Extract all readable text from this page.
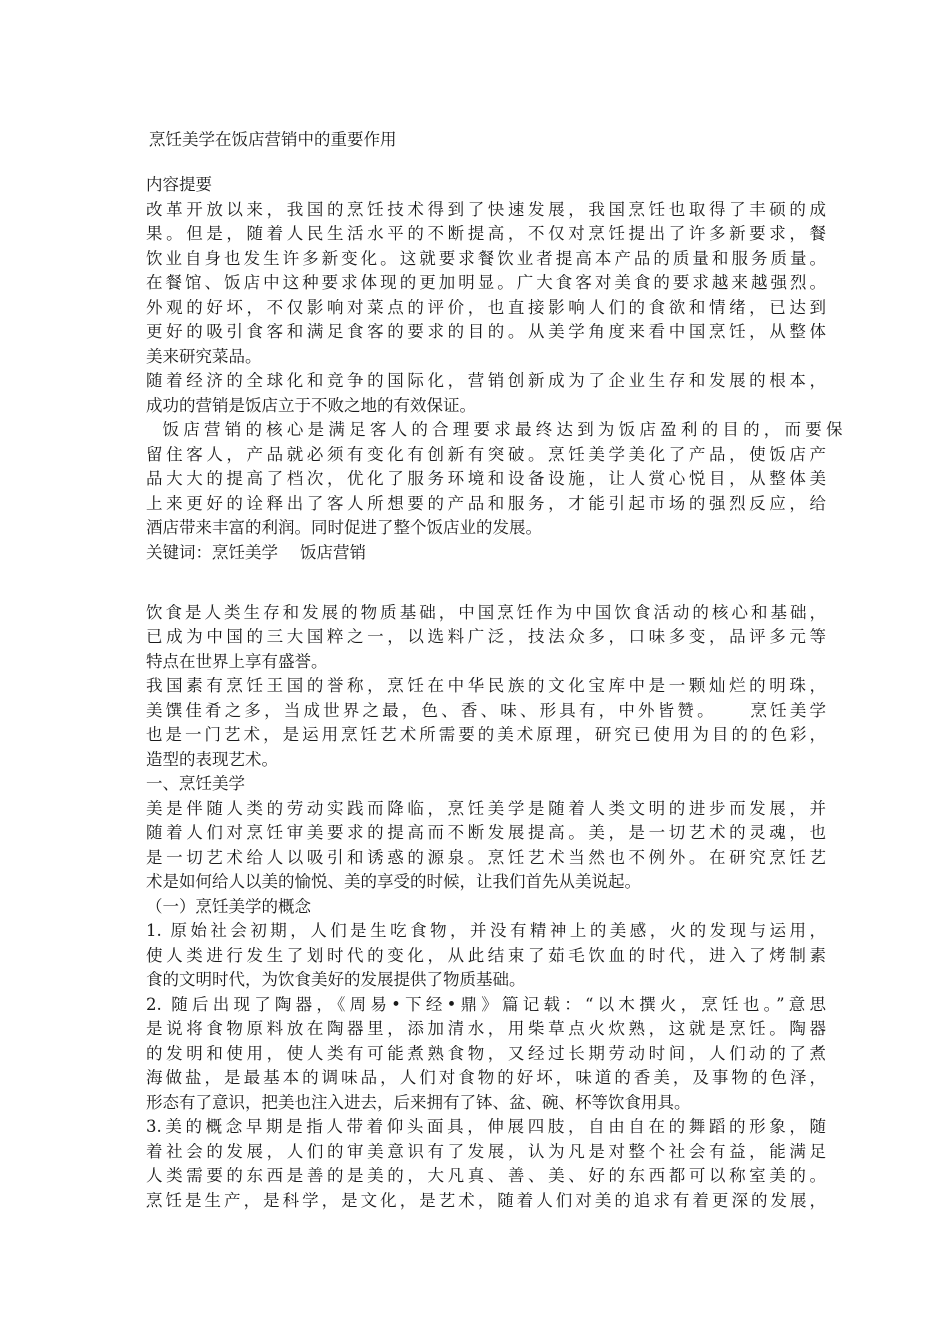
烹饪美学在饭店营销中的重要作用
内容提要

改革开放以来，我国的烹饪技术得到了快速发展，我国烹饪也取得了丰硕的成
果。但是，随着人民生活水平的不断提高，不仅对烹饪提出了许多新要求，餐
饮业自身也发生许多新变化。这就要求餐饮业者提高本产品的质量和服务质量。
在餐馆、饭店中这种要求体现的更加明显。广大食客对美食的要求越来越强烈。
外观的好坏，不仅影响对菜点的评价，也直接影响人们的食欲和情绪，已达到
更好的吸引食客和满足食客的要求的目的。从美学角度来看中国烹饪，从整体
美来研究菜品。

随着经济的全球化和竞争的国际化，营销创新成为了企业生存和发展的根本，
成功的营销是饭店立于不败之地的有效保证。

饭店营销的核心是满足客人的合理要求最终达到为饭店盈利的目的，而要保
留住客人，产品就必须有变化有创新有突破。烹饪美学美化了产品，使饭店产
品大大的提高了档次，优化了服务环境和设备设施，让人赏心悦目，从整体美
上来更好的诠释出了客人所想要的产品和服务，才能引起市场的强烈反应，给
酒店带来丰富的利润。同时促进了整个饭店业的发展。

关键词：烹饪美学 饭店营销

饮食是人类生存和发展的物质基础，中国烹饪作为中国饮食活动的核心和基础，
已成为中国的三大国粹之一，以选料广泛，技法众多，口味多变，品评多元等
特点在世界上享有盛誉。

我国素有烹饪王国的誉称，烹饪在中华民族的文化宝库中是一颗灿烂的明珠，
美馔佳肴之多，当成世界之最，色、香、味、形具有，中外皆赞。    烹饪美学
也是一门艺术，是运用烹饪艺术所需要的美术原理，研究已使用为目的的色彩，
造型的表现艺术。

一、烹饪美学

美是伴随人类的劳动实践而降临，烹饪美学是随着人类文明的进步而发展，并
随着人们对烹饪审美要求的提高而不断发展提高。美，是一切艺术的灵魂，也
是一切艺术给人以吸引和诱惑的源泉。烹饪艺术当然也不例外。在研究烹饪艺
术是如何给人以美的愉悦、美的享受的时候，让我们首先从美说起。

（一）烹饪美学的概念

1. 原始社会初期，人们是生吃食物，并没有精神上的美感，火的发现与运用，
使人类进行发生了划时代的变化，从此结束了茹毛饮血的时代，进入了烤制素
食的文明时代，为饮食美好的发展提供了物质基础。

2. 随后出现了陶器，《周易•下经•鼎》篇记载：“以木撰火，烹饪也。”意思
是说将食物原料放在陶器里，添加清水，用柴草点火炊熟，这就是烹饪。陶器
的发明和使用，使人类有可能煮熟食物，又经过长期劳动时间，人们动的了煮
海做盐，是最基本的调味品，人们对食物的好坏，味道的香美，及事物的色泽，
形态有了意识，把美也注入进去，后来拥有了钵、盆、碗、杯等饮食用具。

3.美的概念早期是指人带着仰头面具，伸展四肢，自由自在的舞蹈的形象，随
着社会的发展，人们的审美意识有了发展，认为凡是对整个社会有益，能满足
人类需要的东西是善的是美的，大凡真、善、美、好的东西都可以称室美的。
烹饪是生产，是科学，是文化，是艺术，随着人们对美的追求有着更深的发展，
